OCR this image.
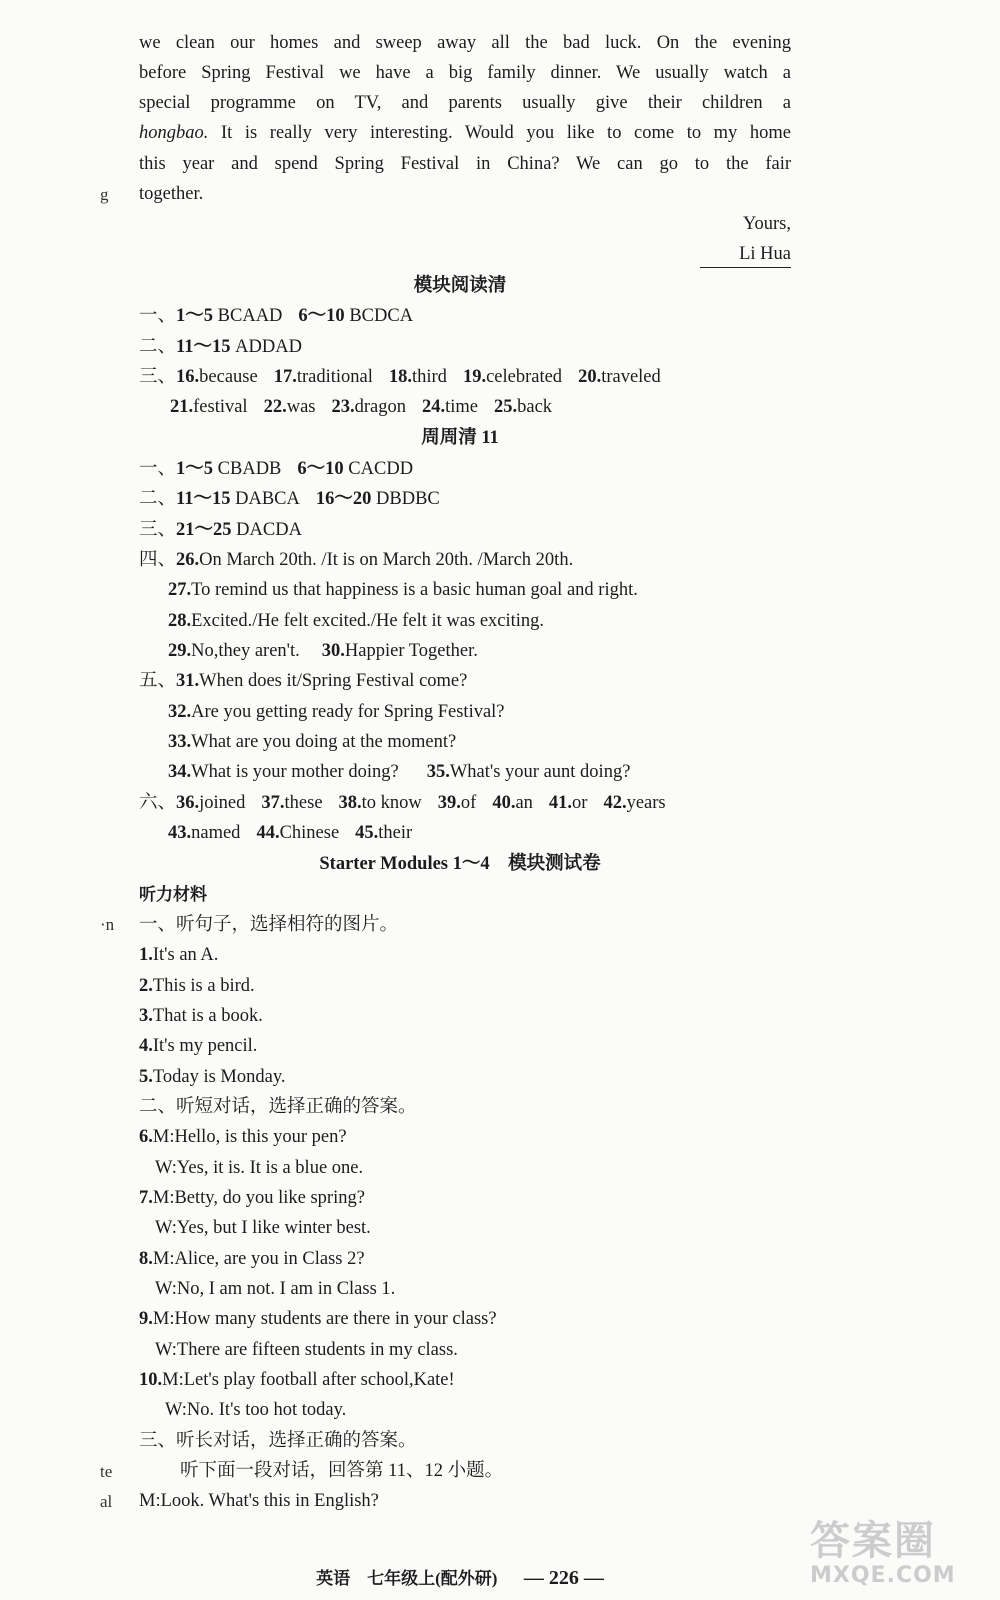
we clean our homes and sweep away all the bad luck. On the evening
before Spring Festival we have a big family dinner. We usually watch a
special programme on TV, and parents usually give their children a
hongbao. It is really very interesting. Would you like to come to my home
this year and spend Spring Festival in China? We can go to the fair
together.
g
Yours,
Li Hua
模块阅读清
一、1～5 BCAAD 6～10 BCDCA
二、11～15 ADDAD
三、16.because 17.traditional 18.third 19.celebrated 20.traveled
21.festival 22.was 23.dragon 24.time 25.back
周周清 11
一、1～5 CBADB 6～10 CACDD
二、11～15 DABCA 16～20 DBDBC
三、21～25 DACDA
四、26.On March 20th. /It is on March 20th. /March 20th.
27.To remind us that happiness is a basic human goal and right.
28.Excited./He felt excited./He felt it was exciting.
29.No,they aren't. 30.Happier Together.
五、31.When does it/Spring Festival come?
32.Are you getting ready for Spring Festival?
33.What are you doing at the moment?
34.What is your mother doing? 35.What's your aunt doing?
六、36.joined 37.these 38.to know 39.of 40.an 41.or 42.years
43.named 44.Chinese 45.their
Starter Modules 1～4　模块测试卷
听力材料
·n 一、听句子，选择相符的图片。
1.It's an A.
2.This is a bird.
3.That is a book.
4.It's my pencil.
5.Today is Monday.
二、听短对话，选择正确的答案。
6.M:Hello, is this your pen?
W:Yes, it is. It is a blue one.
7.M:Betty, do you like spring?
W:Yes, but I like winter best.
8.M:Alice, are you in Class 2?
W:No, I am not. I am in Class 1.
9.M:How many students are there in your class?
W:There are fifteen students in my class.
10.M:Let's play football after school,Kate!
W:No. It's too hot today.
三、听长对话，选择正确的答案。
te	听下面一段对话，回答第 11、12 小题。
al M:Look. What's this in English?
英语　七年级上(配外研) — 226 —
答案圈
MXQE.COM
